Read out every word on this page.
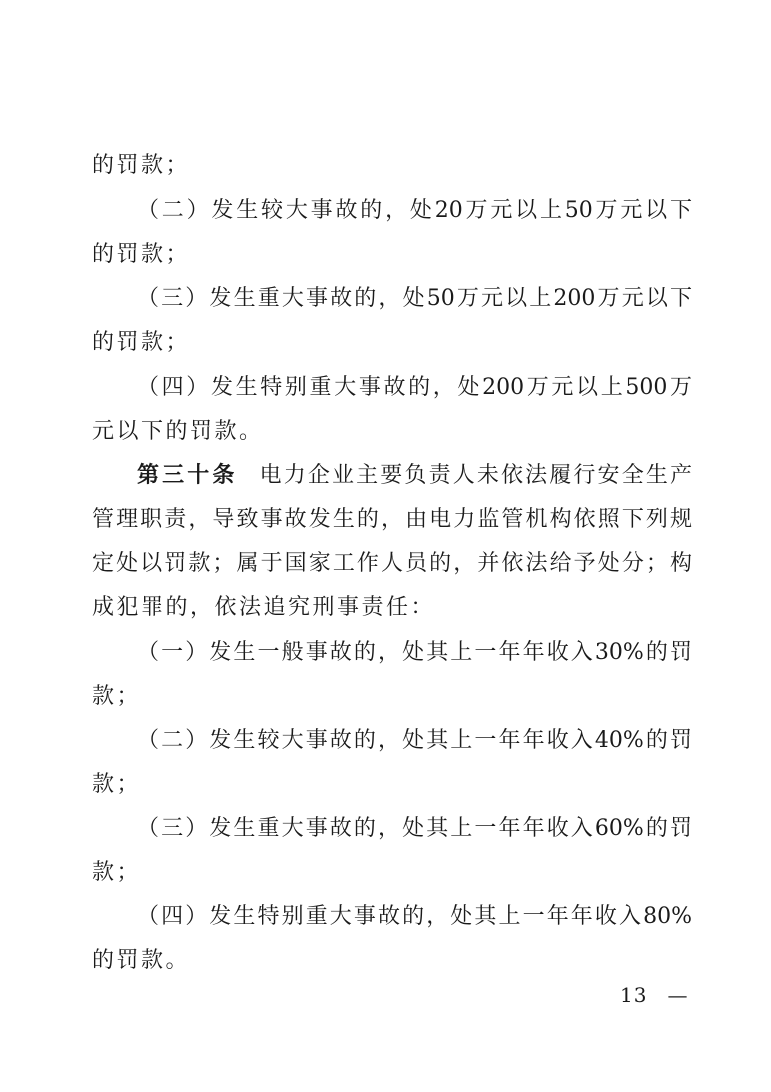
的罚款；
（二）发生较大事故的，处20万元以上50万元以下
的罚款；
（三）发生重大事故的，处50万元以上200万元以下
的罚款；
（四）发生特别重大事故的，处200万元以上500万
元以下的罚款。
第三十条 电力企业主要负责人未依法履行安全生产
管理职责，导致事故发生的，由电力监管机构依照下列规
定处以罚款；属于国家工作人员的，并依法给予处分；构
成犯罪的，依法追究刑事责任：
（一）发生一般事故的，处其上一年年收入30%的罚
款；
（二）发生较大事故的，处其上一年年收入40%的罚
款；
（三）发生重大事故的，处其上一年年收入60%的罚
款；
（四）发生特别重大事故的，处其上一年年收入80%
的罚款。
13 —
